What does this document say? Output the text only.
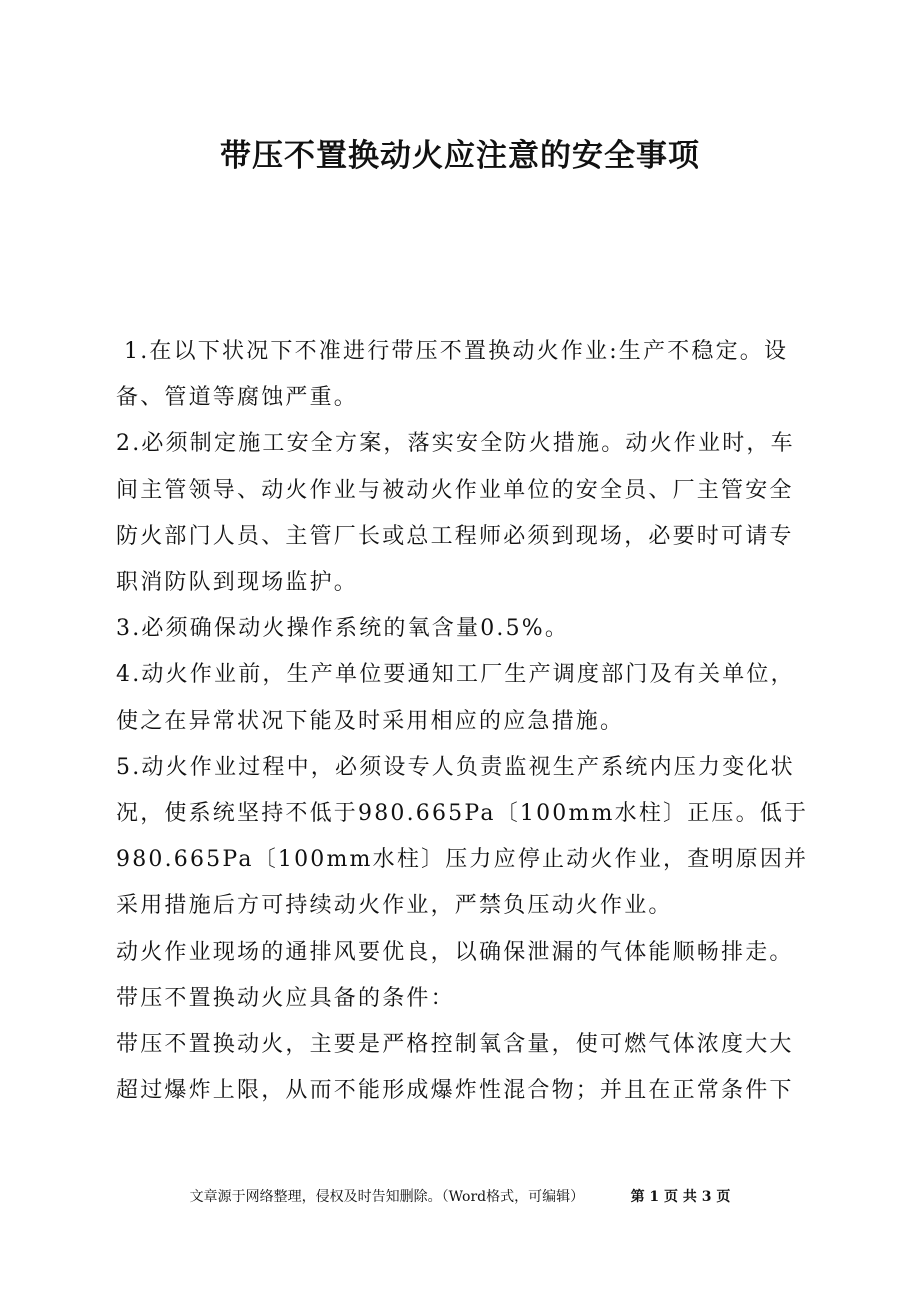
带压不置换动火应注意的安全事项

1.在以下状况下不准进行带压不置换动火作业:生产不稳定。设备、管道等腐蚀严重。

2.必须制定施工安全方案，落实安全防火措施。动火作业时，车间主管领导、动火作业与被动火作业单位的安全员、厂主管安全防火部门人员、主管厂长或总工程师必须到现场，必要时可请专职消防队到现场监护。

3.必须确保动火操作系统的氧含量0.5%。

4.动火作业前，生产单位要通知工厂生产调度部门及有关单位，使之在异常状况下能及时采用相应的应急措施。

5.动火作业过程中，必须设专人负责监视生产系统内压力变化状况，使系统坚持不低于980.665Pa〔100mm水柱〕正压。低于980.665Pa〔100mm水柱〕压力应停止动火作业，查明原因并采用措施后方可持续动火作业，严禁负压动火作业。

动火作业现场的通排风要优良，以确保泄漏的气体能顺畅排走。

带压不置换动火应具备的条件：

带压不置换动火，主要是严格控制氧含量，使可燃气体浓度大大超过爆炸上限，从而不能形成爆炸性混合物；并且在正常条件下

文章源于网络整理，侵权及时告知删除。（Word格式，可编辑）	第 1 页 共 3 页
